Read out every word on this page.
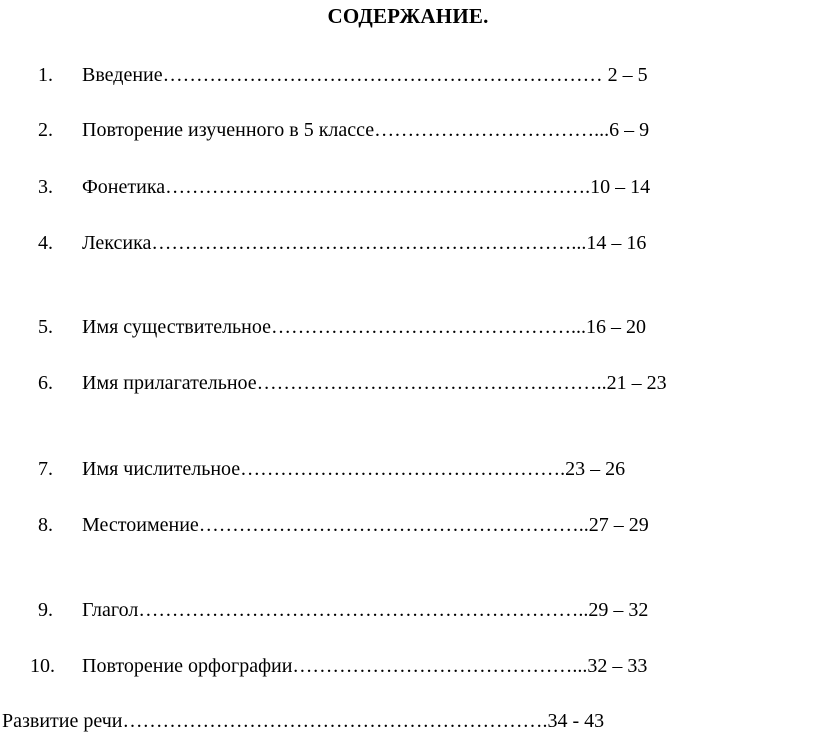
СОДЕРЖАНИЕ.

1. Введение………………………………………………………… 2 – 5

2. Повторение изученного в 5 классе……………………………...6 – 9

3. Фонетика……………………………………………………….10 – 14

4. Лексика………………………………………………………...14 – 16

5. Имя существительное………………………………………...16 – 20

6. Имя прилагательное……………………………………………..21 – 23

7. Имя числительное………………………………………….23 – 26

8. Местоимение…………………………………………………..27 – 29

9. Глагол…………………………………………………………..29 – 32

10. Повторение орфографии……………………………………...32 – 33

Развитие речи……………………………………………………….34 - 43
